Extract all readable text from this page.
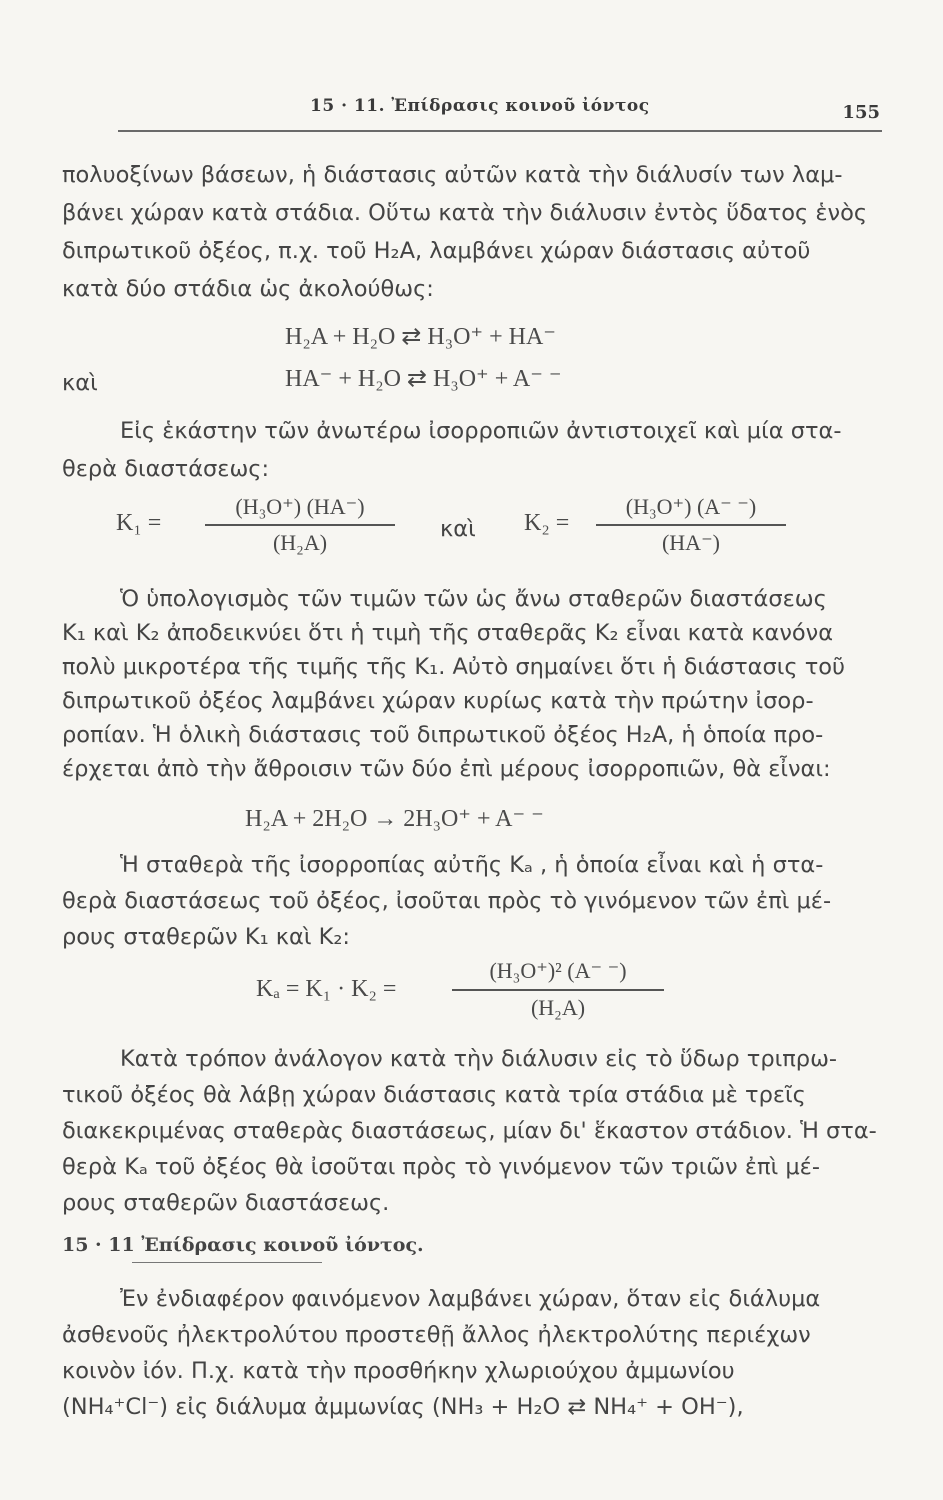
15 · 11. Ἐπίδρασις κοινοῦ ἰόντος	155
πολυοξίνων βάσεων, ἡ διάστασις αὐτῶν κατὰ τὴν διάλυσίν των λαμ-
βάνει χώραν κατὰ στάδια. Οὕτω κατὰ τὴν διάλυσιν ἐντὸς ὕδατος ἑνὸς
διπρωτικοῦ ὀξέος, π.χ. τοῦ H₂A, λαμβάνει χώραν διάστασις αὐτοῦ
κατὰ δύο στάδια ὡς ἀκολούθως:
H₂A + H₂O ⇄ H₃O⁺ + HA⁻
καὶ	HA⁻ + H₂O ⇄ H₃O⁺ + A⁻ ⁻
Εἰς ἑκάστην τῶν ἀνωτέρω ἰσορροπιῶν ἀντιστοιχεῖ καὶ μία στα-
θερὰ διαστάσεως:
K₁ =
(H₃O⁺) (HA⁻)
(H₂A)
καὶ K₂ =
(H₃O⁺) (A⁻ ⁻)
(HA⁻)
Ὁ ὑπολογισμὸς τῶν τιμῶν τῶν ὡς ἄνω σταθερῶν διαστάσεως
K₁ καὶ K₂ ἀποδεικνύει ὅτι ἡ τιμὴ τῆς σταθερᾶς K₂ εἶναι κατὰ κανόνα
πολὺ μικροτέρα τῆς τιμῆς τῆς K₁. Αὐτὸ σημαίνει ὅτι ἡ διάστασις τοῦ
διπρωτικοῦ ὀξέος λαμβάνει χώραν κυρίως κατὰ τὴν πρώτην ἰσορ-
ροπίαν. Ἡ ὁλικὴ διάστασις τοῦ διπρωτικοῦ ὀξέος H₂A, ἡ ὁποία προ-
έρχεται ἀπὸ τὴν ἄθροισιν τῶν δύο ἐπὶ μέρους ἰσορροπιῶν, θὰ εἶναι:
H₂A + 2H₂O → 2H₃O⁺ + A⁻ ⁻
Ἡ σταθερὰ τῆς ἰσορροπίας αὐτῆς Kₐ , ἡ ὁποία εἶναι καὶ ἡ στα-
θερὰ διαστάσεως τοῦ ὀξέος, ἰσοῦται πρὸς τὸ γινόμενον τῶν ἐπὶ μέ-
ρους σταθερῶν K₁ καὶ K₂:
Kₐ = K₁ · K₂ =
(H₃O⁺)² (A⁻ ⁻)
(H₂A)
Κατὰ τρόπον ἀνάλογον κατὰ τὴν διάλυσιν εἰς τὸ ὕδωρ τριπρω-
τικοῦ ὀξέος θὰ λάβῃ χώραν διάστασις κατὰ τρία στάδια μὲ τρεῖς
διακεκριμένας σταθερὰς διαστάσεως, μίαν δι' ἕκαστον στάδιον. Ἡ στα-
θερὰ Kₐ τοῦ ὀξέος θὰ ἰσοῦται πρὸς τὸ γινόμενον τῶν τριῶν ἐπὶ μέ-
ρους σταθερῶν διαστάσεως.
15 · 11 Ἐπίδρασις κοινοῦ ἰόντος.
Ἐν ἐνδιαφέρον φαινόμενον λαμβάνει χώραν, ὅταν εἰς διάλυμα
ἀσθενοῦς ἠλεκτρολύτου προστεθῇ ἄλλος ἠλεκτρολύτης περιέχων
κοινὸν ἰόν. Π.χ. κατὰ τὴν προσθήκην χλωριούχου ἀμμωνίου
(NH₄⁺Cl⁻) εἰς διάλυμα ἀμμωνίας (NH₃ + H₂O ⇄ NH₄⁺ + OH⁻),
